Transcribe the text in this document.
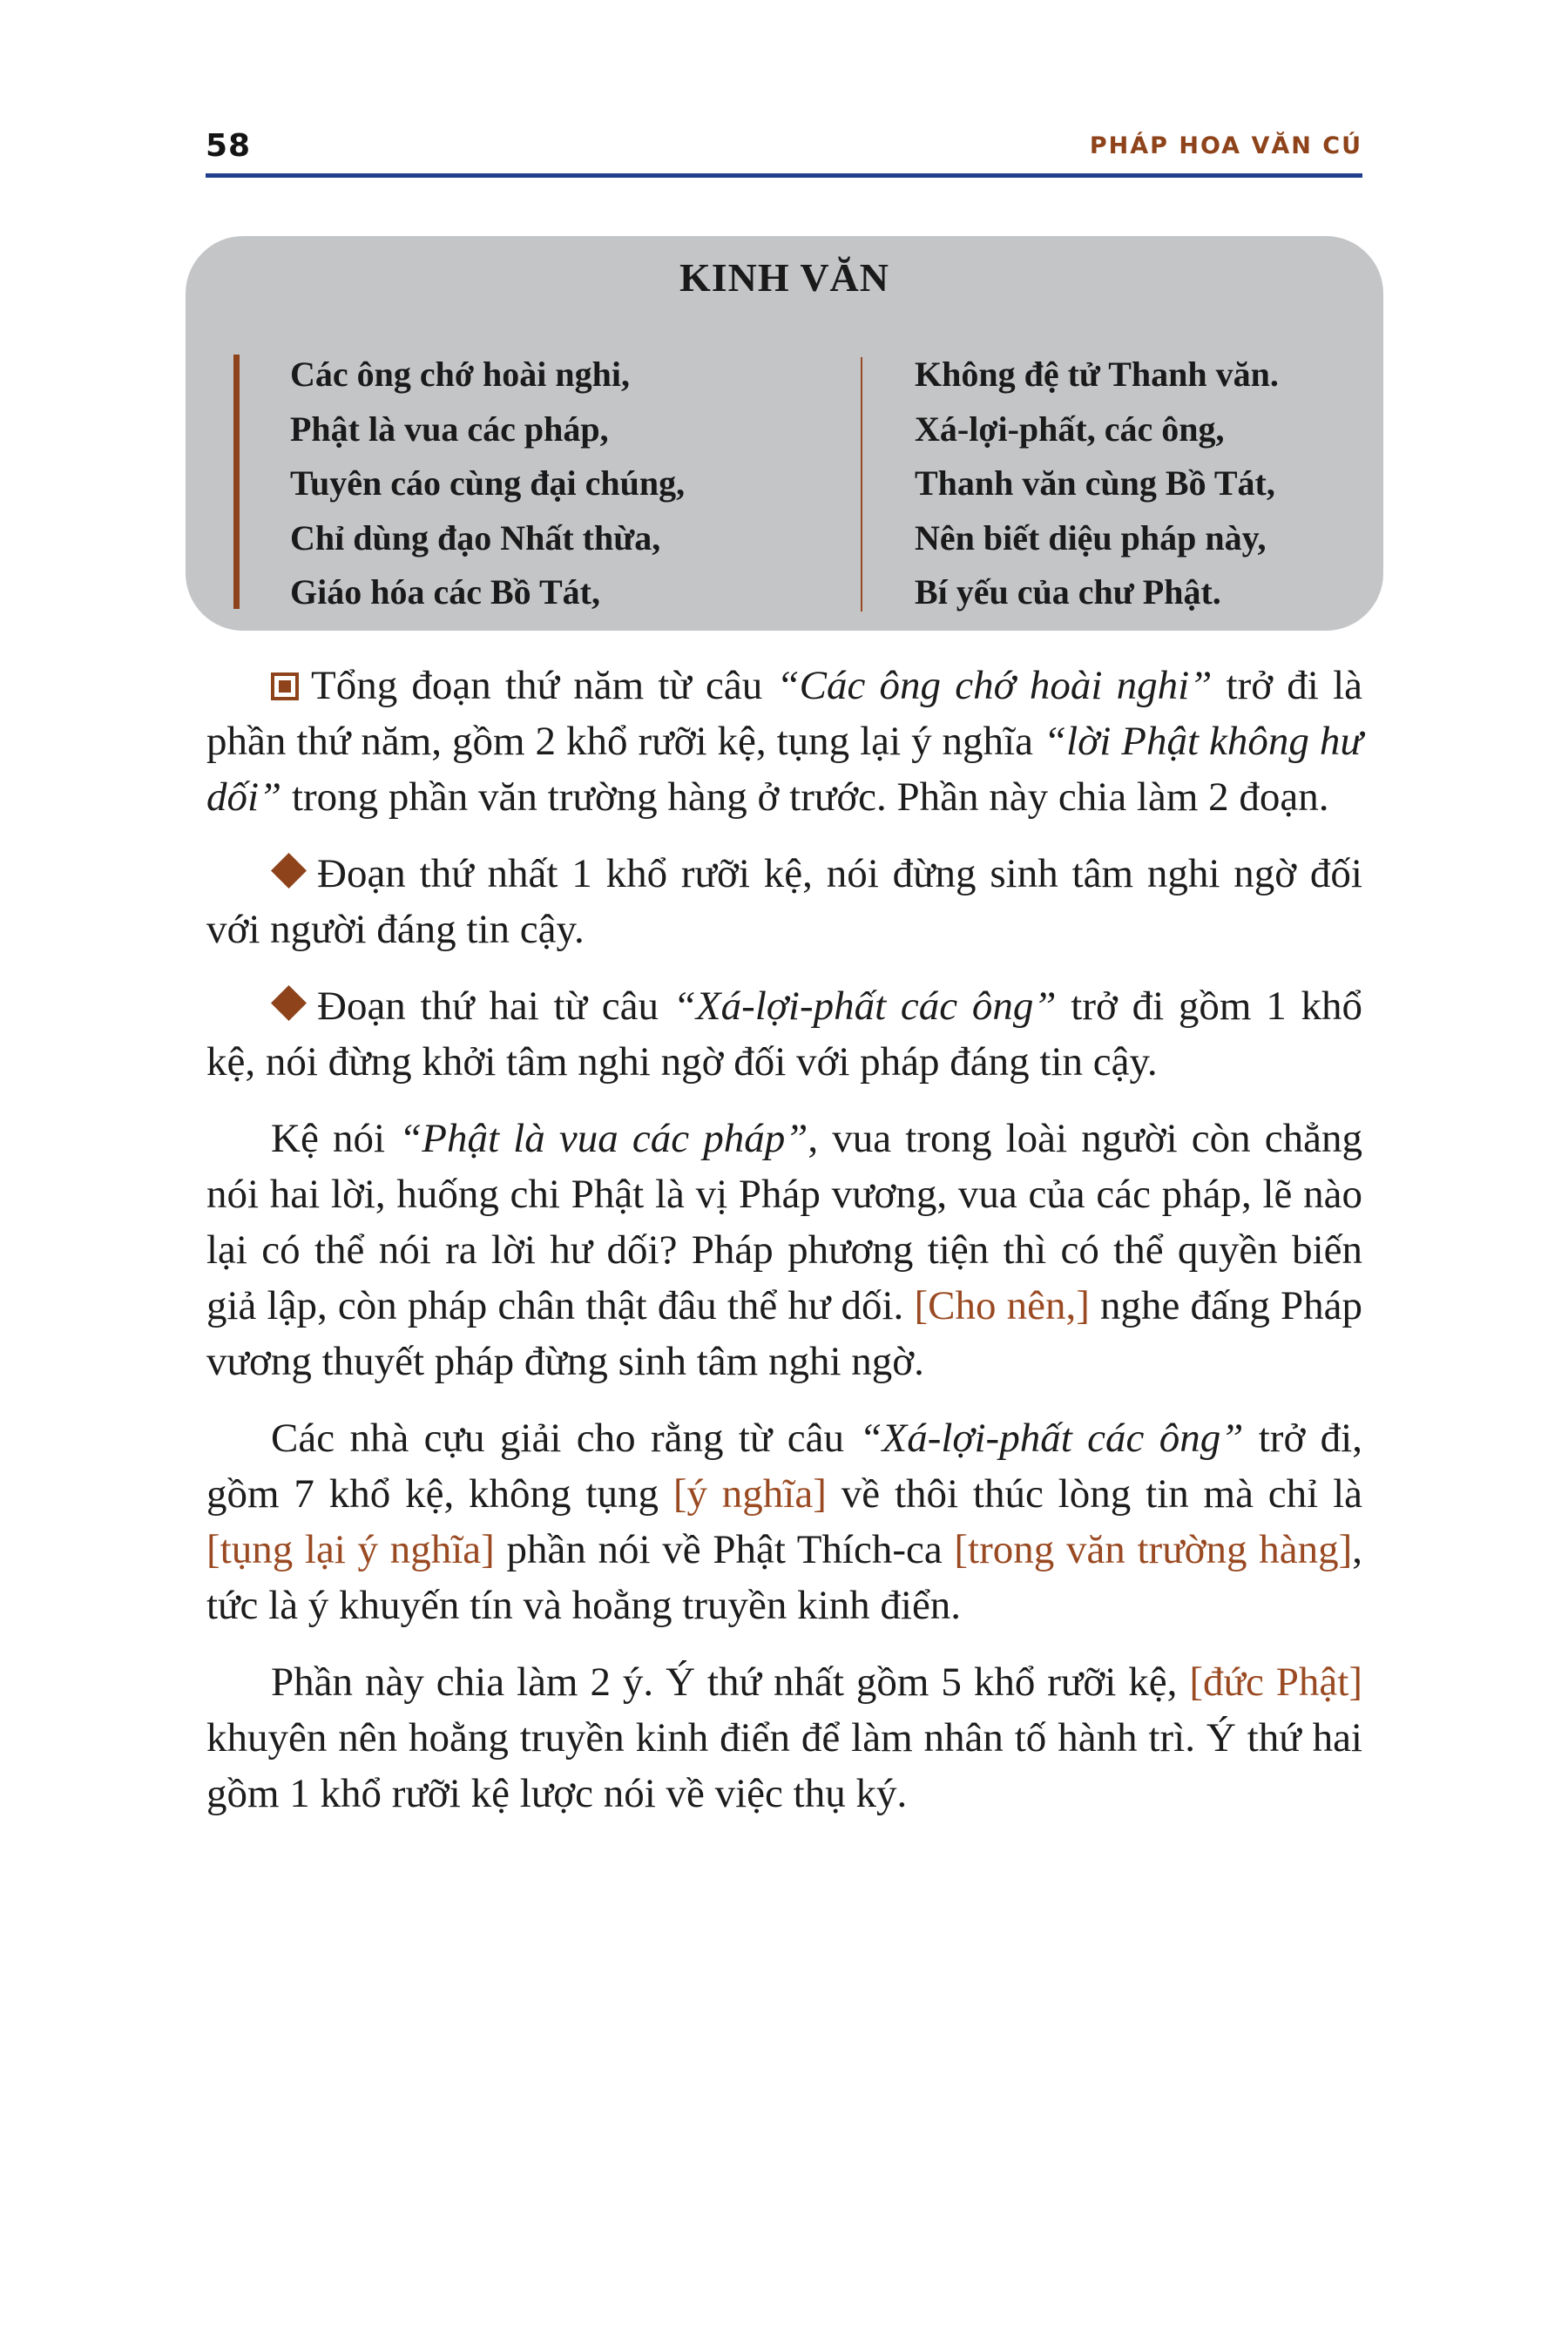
58	PHÁP HOA VĂN CÚ
KINH VĂN
Các ông chớ hoài nghi,
Phật là vua các pháp,
Tuyên cáo cùng đại chúng,
Chỉ dùng đạo Nhất thừa,
Giáo hóa các Bồ Tát,
Không đệ tử Thanh văn.
Xá-lợi-phất, các ông,
Thanh văn cùng Bồ Tát,
Nên biết diệu pháp này,
Bí yếu của chư Phật.

Tổng đoạn thứ năm từ câu “Các ông chớ hoài nghi” trở đi là phần thứ năm, gồm 2 khổ rưỡi kệ, tụng lại ý nghĩa “lời Phật không hư dối” trong phần văn trường hàng ở trước. Phần này chia làm 2 đoạn.

Đoạn thứ nhất 1 khổ rưỡi kệ, nói đừng sinh tâm nghi ngờ đối với người đáng tin cậy.

Đoạn thứ hai từ câu “Xá-lợi-phất các ông” trở đi gồm 1 khổ kệ, nói đừng khởi tâm nghi ngờ đối với pháp đáng tin cậy.

Kệ nói “Phật là vua các pháp”, vua trong loài người còn chẳng nói hai lời, huống chi Phật là vị Pháp vương, vua của các pháp, lẽ nào lại có thể nói ra lời hư dối? Pháp phương tiện thì có thể quyền biến giả lập, còn pháp chân thật đâu thể hư dối. [Cho nên,] nghe đấng Pháp vương thuyết pháp đừng sinh tâm nghi ngờ.

Các nhà cựu giải cho rằng từ câu “Xá-lợi-phất các ông” trở đi, gồm 7 khổ kệ, không tụng [ý nghĩa] về thôi thúc lòng tin mà chỉ là [tụng lại ý nghĩa] phần nói về Phật Thích-ca [trong văn trường hàng], tức là ý khuyến tín và hoằng truyền kinh điển.

Phần này chia làm 2 ý. Ý thứ nhất gồm 5 khổ rưỡi kệ, [đức Phật] khuyên nên hoằng truyền kinh điển để làm nhân tố hành trì. Ý thứ hai gồm 1 khổ rưỡi kệ lược nói về việc thụ ký.
